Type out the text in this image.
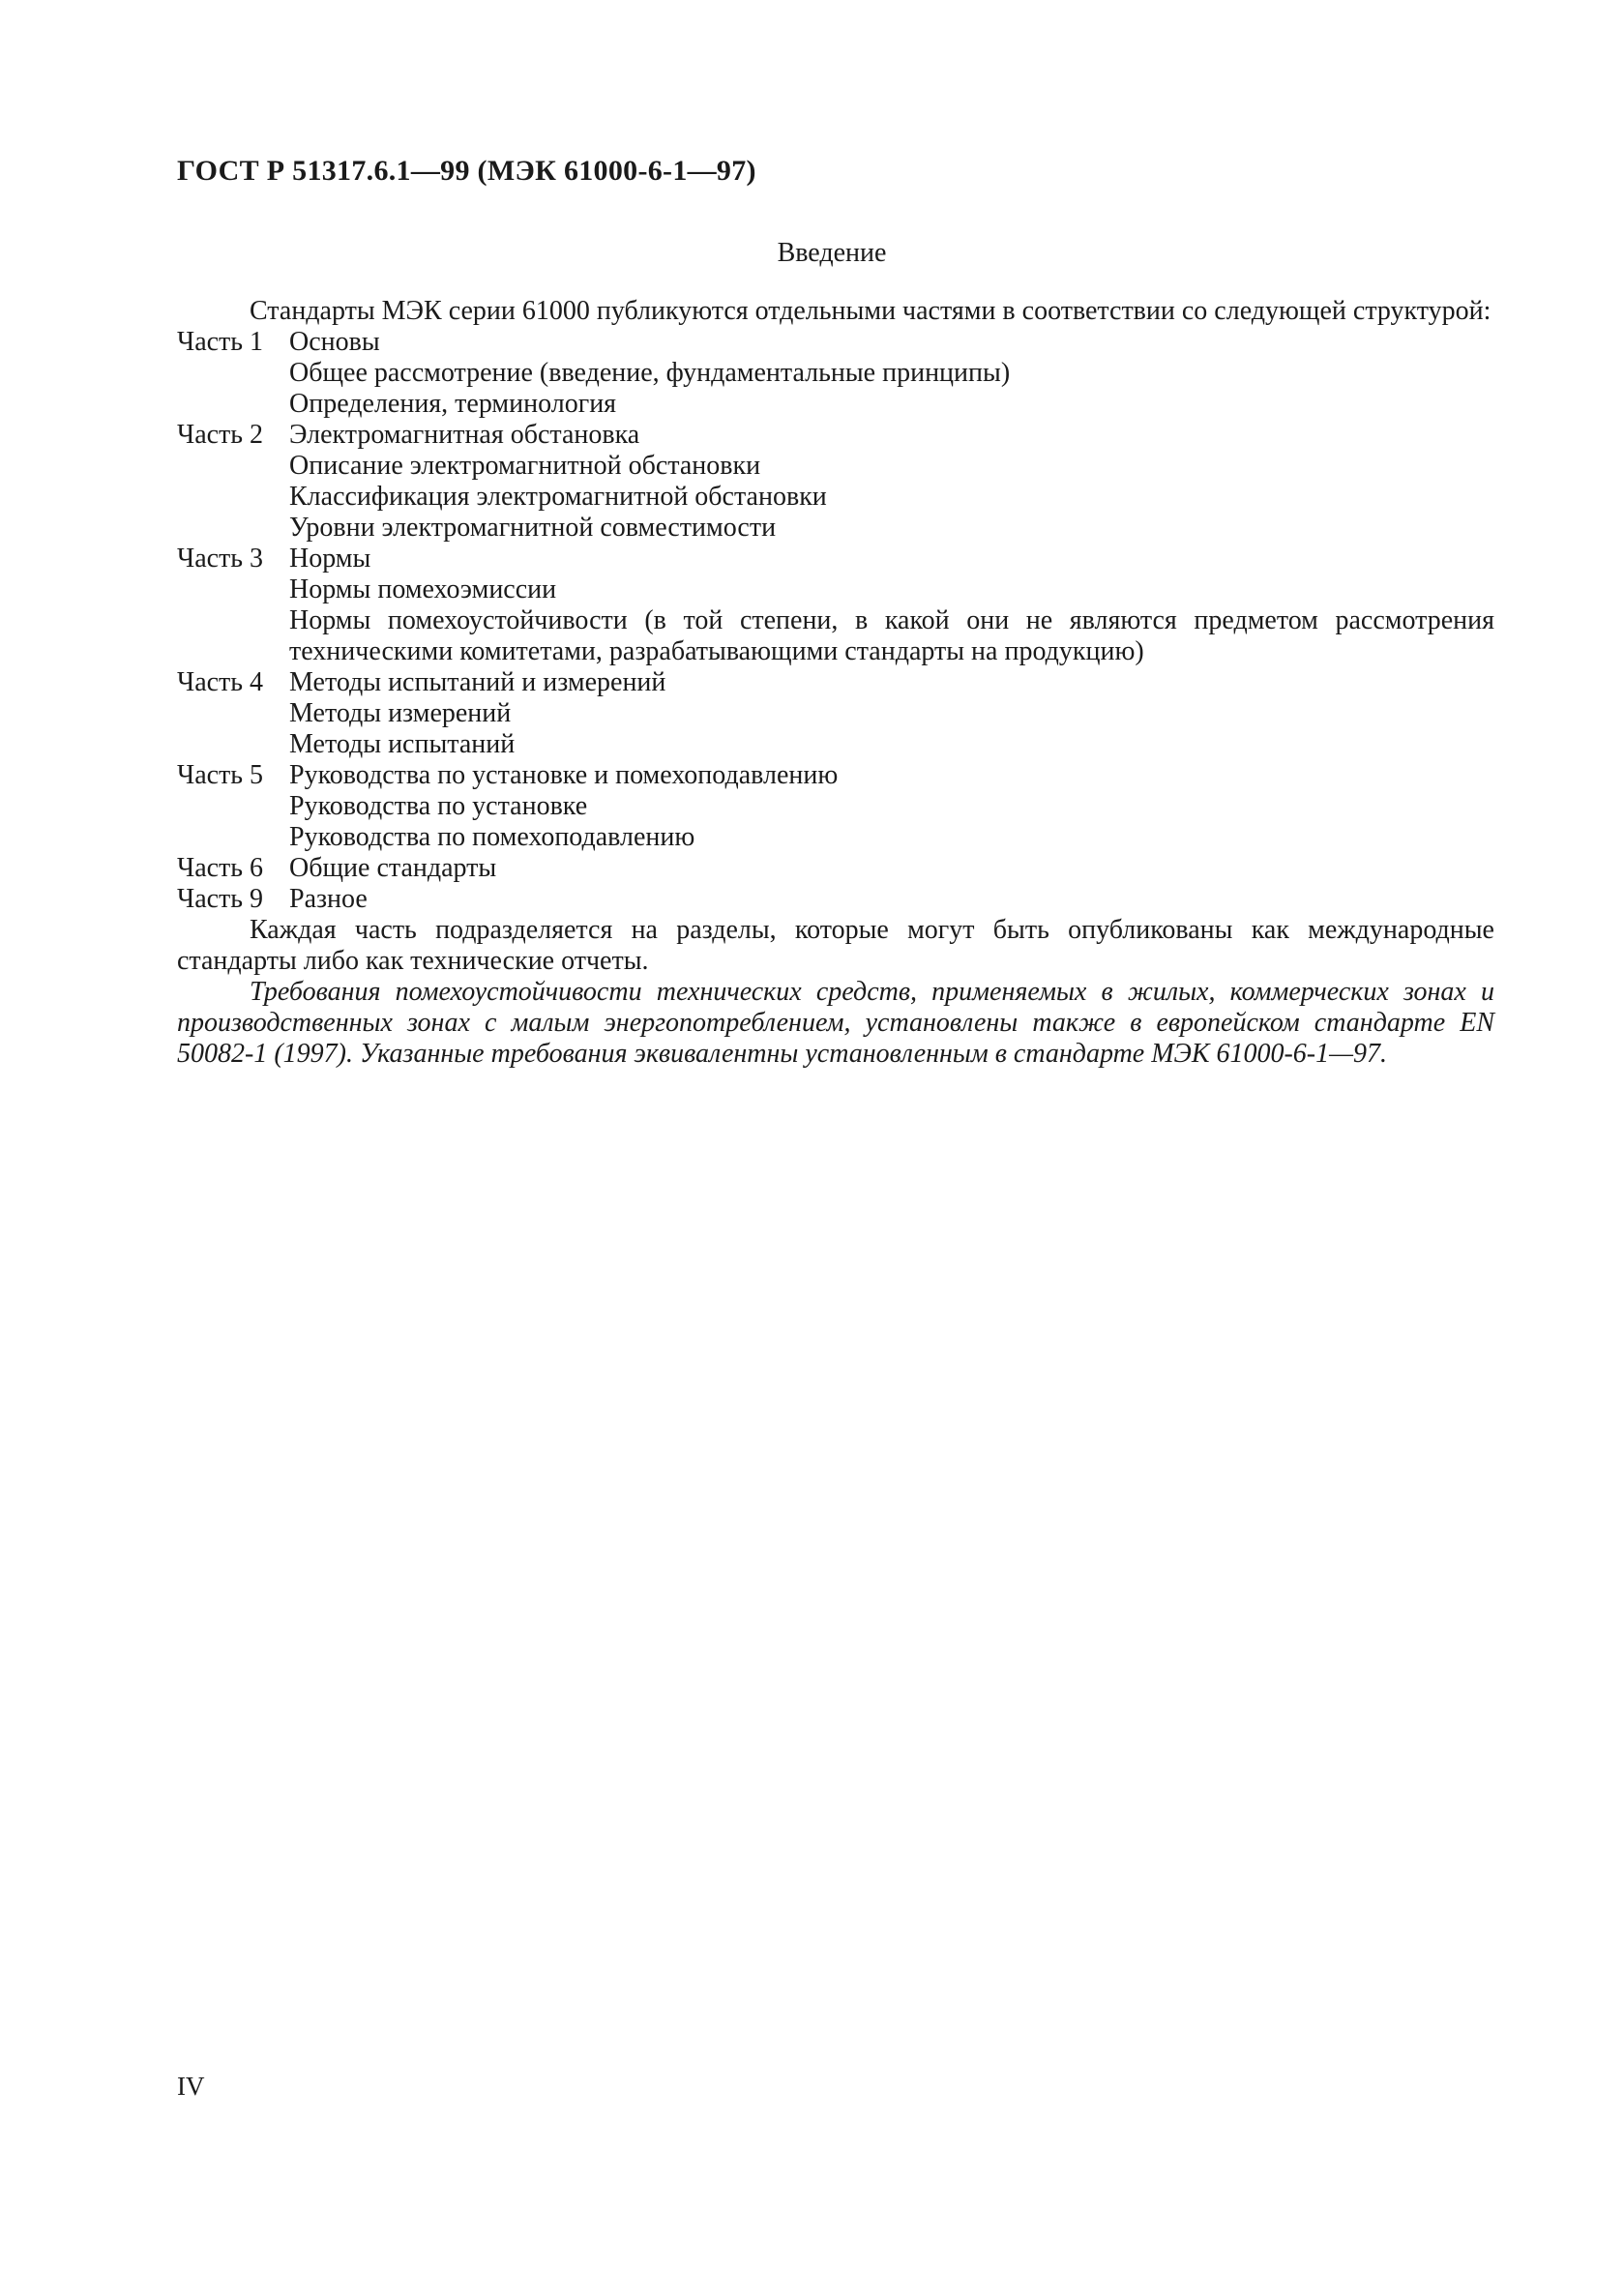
ГОСТ Р 51317.6.1—99 (МЭК 61000-6-1—97)
Введение

Стандарты МЭК серии 61000 публикуются отдельными частями в соответствии со следующей структурой:

Часть 1 Основы
Общее рассмотрение (введение, фундаментальные принципы)
Определения, терминология
Часть 2 Электромагнитная обстановка
Описание электромагнитной обстановки
Классификация электромагнитной обстановки
Уровни электромагнитной совместимости
Часть 3 Нормы
Нормы помехоэмиссии
Нормы помехоустойчивости (в той степени, в какой они не являются предметом рассмотрения техническими комитетами, разрабатывающими стандарты на продукцию)
Часть 4 Методы испытаний и измерений
Методы измерений
Методы испытаний
Часть 5 Руководства по установке и помехоподавлению
Руководства по установке
Руководства по помехоподавлению
Часть 6 Общие стандарты
Часть 9 Разное

Каждая часть подразделяется на разделы, которые могут быть опубликованы как международные стандарты либо как технические отчеты.

Требования помехоустойчивости технических средств, применяемых в жилых, коммерческих зонах и производственных зонах с малым энергопотреблением, установлены также в европейском стандарте EN 50082-1 (1997). Указанные требования эквивалентны установленным в стандарте МЭК 61000-6-1—97.

IV
